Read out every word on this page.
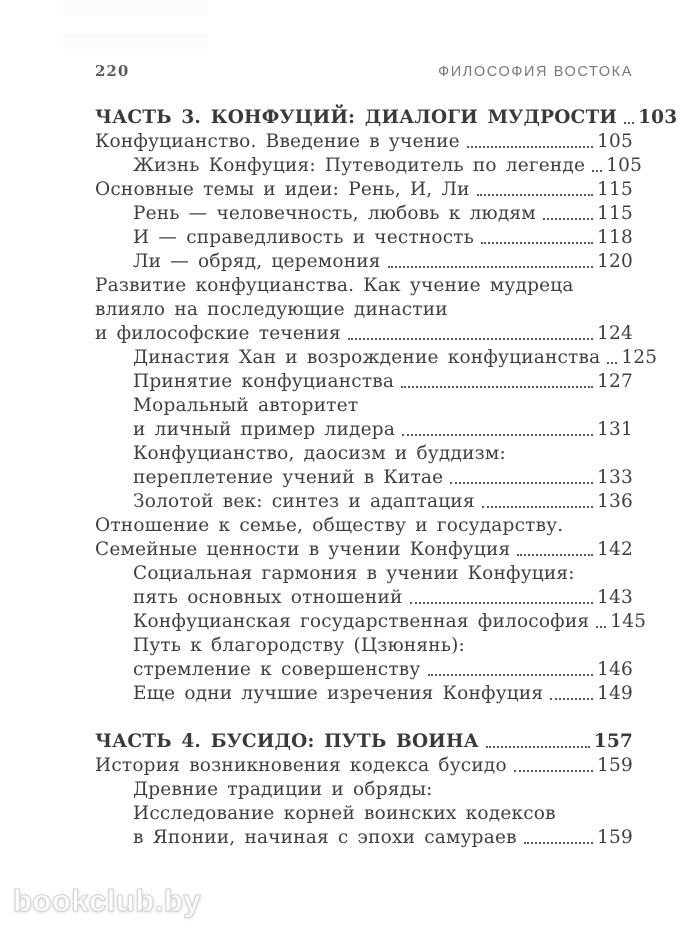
220	ФИЛОСОФИЯ ВОСТОКА
ЧАСТЬ 3. КОНФУЦИЙ: ДИАЛОГИ МУДРОСТИ 103
Конфуцианство. Введение в учение	105
Жизнь Конфуция: Путеводитель по легенде 105
Основные темы и идеи: Рень, И, Ли	115
Рень — человечность, любовь к людям	115
И — справедливость и честность	118
Ли — обряд, церемония	120
Развитие конфуцианства. Как учение мудреца
влияло на последующие династии
и философские течения	124
Династия Хан и возрождение конфуцианства 125
Принятие конфуцианства	127
Моральный авторитет
и личный пример лидера	131
Конфуцианство, даосизм и буддизм:
переплетение учений в Китае	133
Золотой век: синтез и адаптация	136
Отношение к семье, обществу и государству.
Семейные ценности в учении Конфуция	142
Социальная гармония в учении Конфуция:
пять основных отношений	143
Конфуцианская государственная философия 145
Путь к благородству (Цзюнянь):
стремление к совершенству	146
Еще одни лучшие изречения Конфуция	149
ЧАСТЬ 4. БУСИДО: ПУТЬ ВОИНА	157
История возникновения кодекса бусидо	159
Древние традиции и обряды:
Исследование корней воинских кодексов
в Японии, начиная с эпохи самураев	159
bookclub.by
